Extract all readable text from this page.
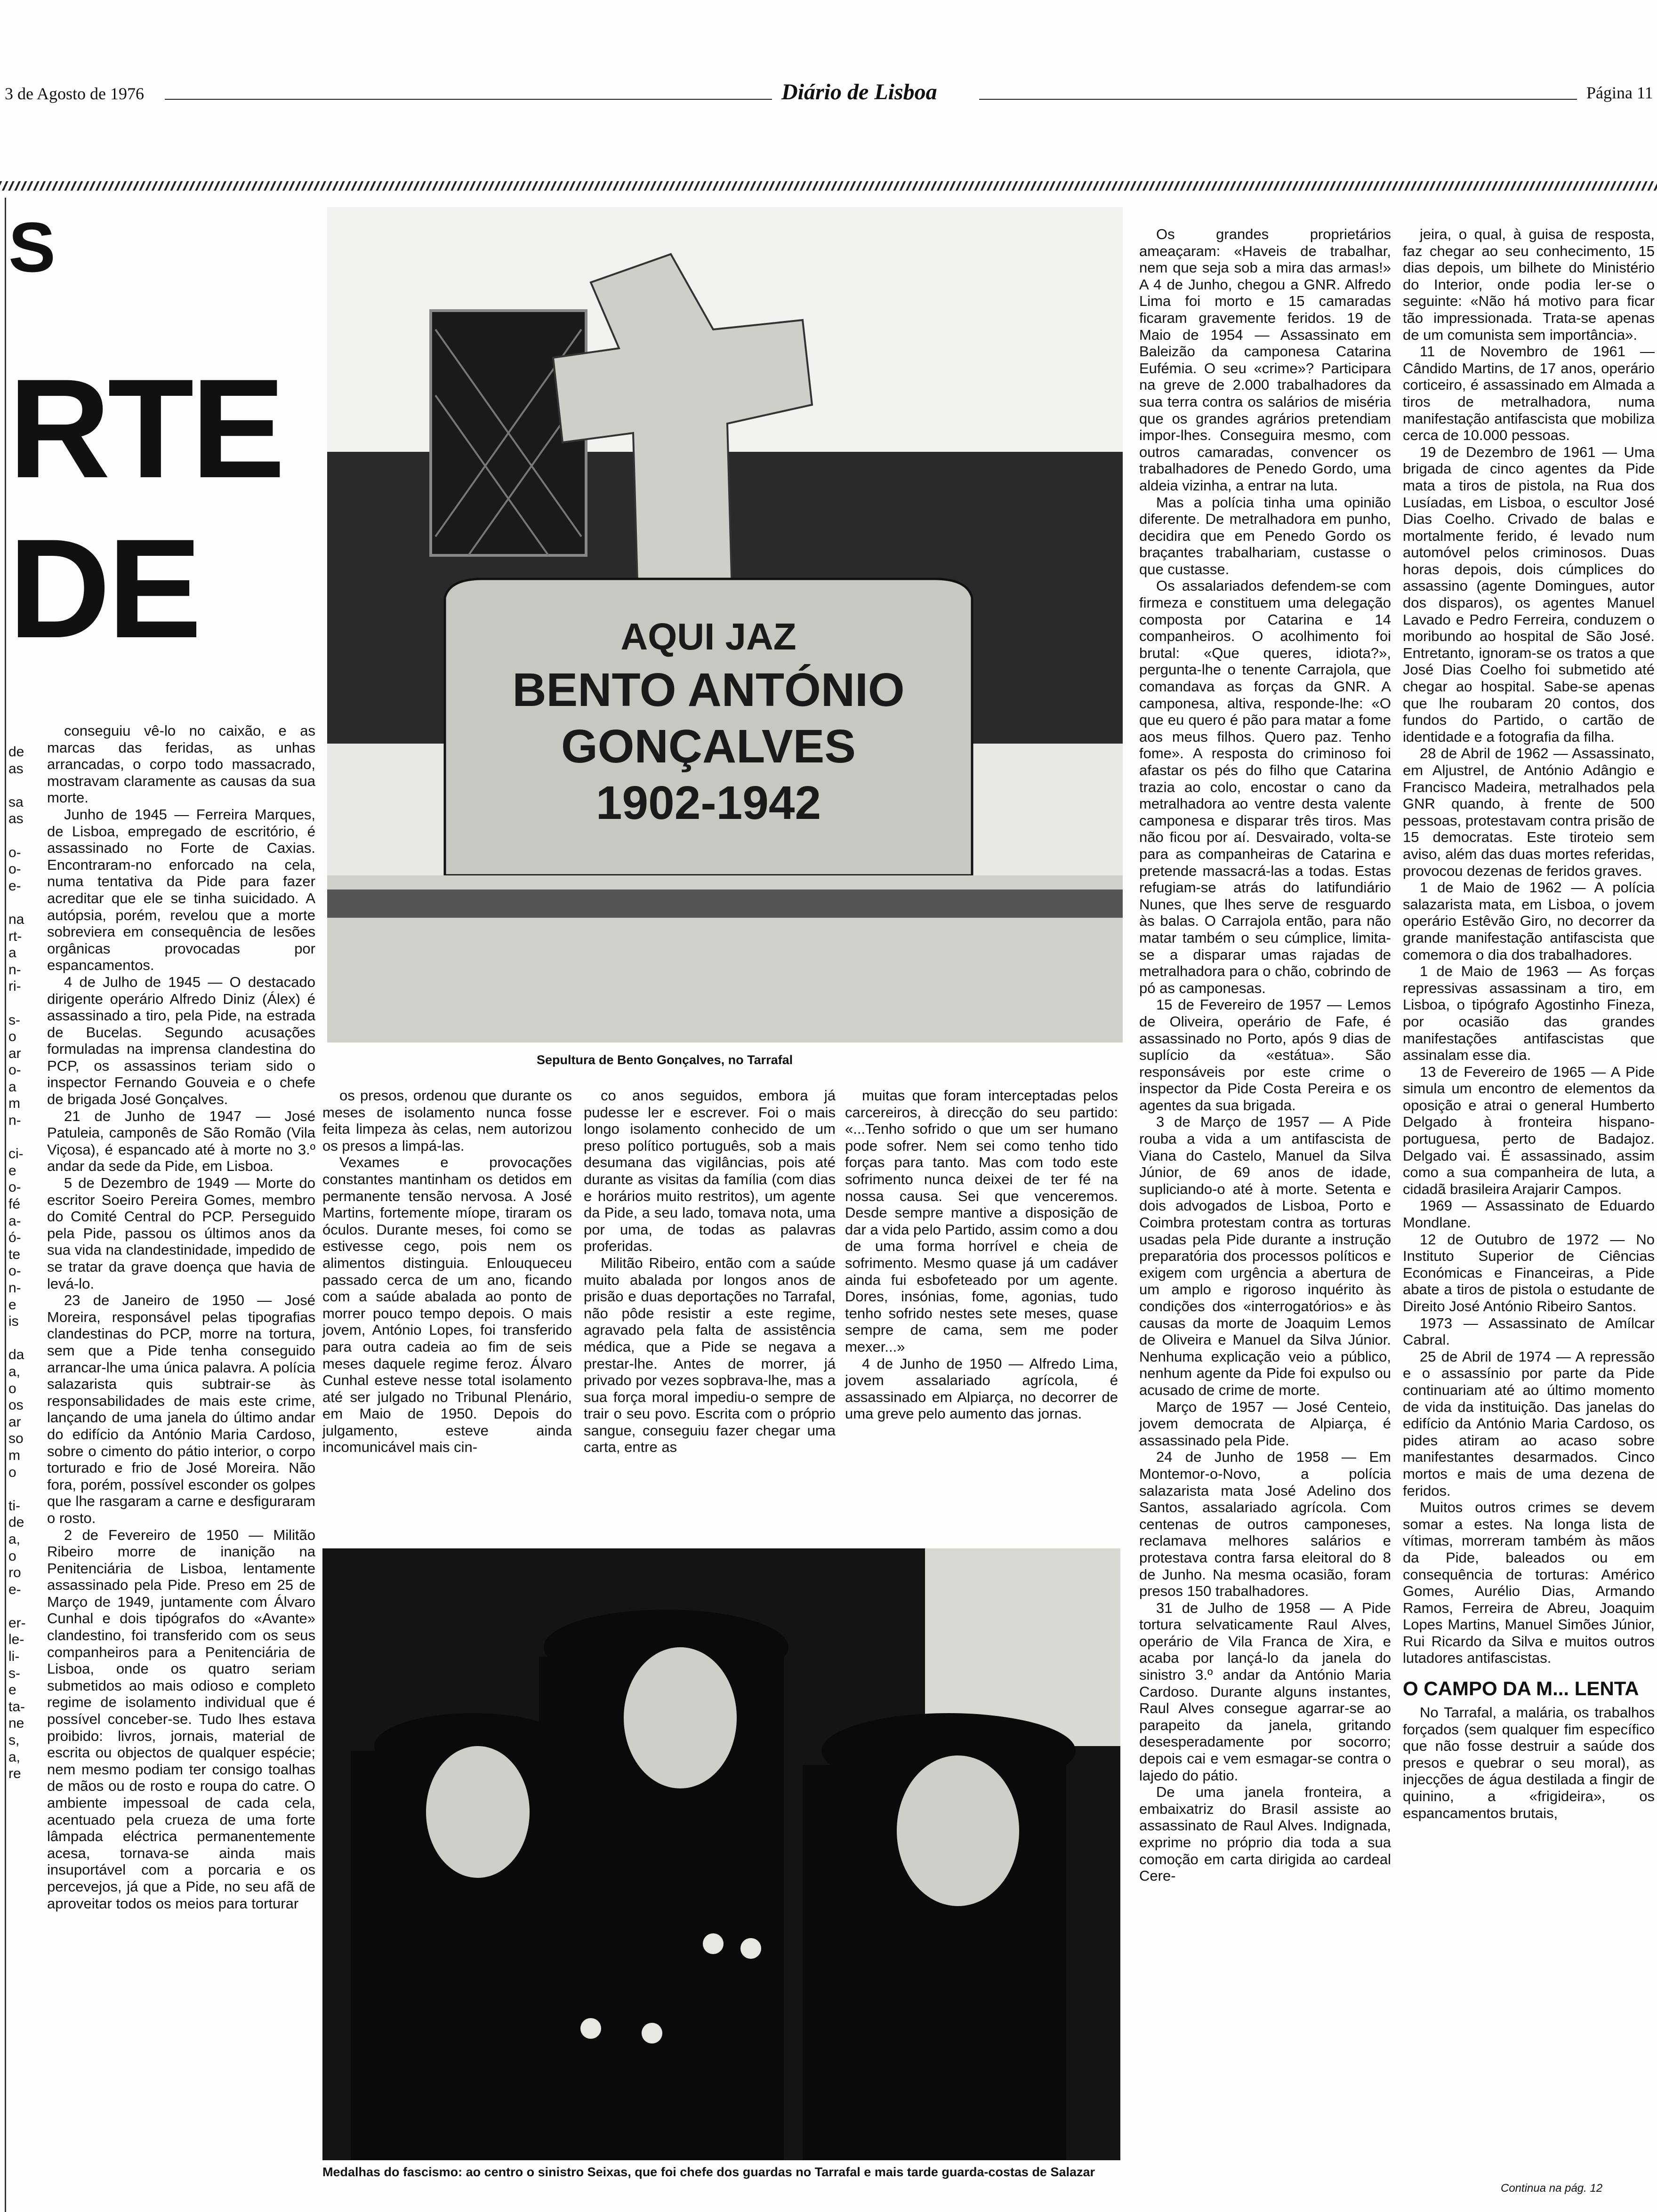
3 de Agosto de 1976	Diário de Lisboa	Página 11
S
RTE
DE
de
as
sa
as
o-
o-
e-
na
rt-
a
n-
ri-
s-
o
ar
o-
a
m
n-
ci-
e
o-
fé
a-
ó-
te
o-
n-
e
is
da
a,
o
os
ar
so
m
o
ti-
de
a,
o
ro
e-
er-
le-
li-
s-
e
ta-
ne
s,
a,
re

conseguiu vê-lo no caixão, e as marcas das feridas, as unhas arrancadas, o corpo todo massacrado, mostravam claramente as causas da sua morte.

Junho de 1945 — Ferreira Marques, de Lisboa, empregado de escritório, é assassinado no Forte de Caxias. Encontraram-no enforcado na cela, numa tentativa da Pide para fazer acreditar que ele se tinha suicidado. A autópsia, porém, revelou que a morte sobreviera em consequência de lesões orgânicas provocadas por espancamentos.

4 de Julho de 1945 — O destacado dirigente operário Alfredo Diniz (Álex) é assassinado a tiro, pela Pide, na estrada de Bucelas. Segundo acusações formuladas na imprensa clandestina do PCP, os assassinos teriam sido o inspector Fernando Gouveia e o chefe de brigada José Gonçalves.

21 de Junho de 1947 — José Patuleia, camponês de São Romão (Vila Viçosa), é espancado até à morte no 3.º andar da sede da Pide, em Lisboa.

5 de Dezembro de 1949 — Morte do escritor Soeiro Pereira Gomes, membro do Comité Central do PCP. Perseguido pela Pide, passou os últimos anos da sua vida na clandestinidade, impedido de se tratar da grave doença que havia de levá-lo.

23 de Janeiro de 1950 — José Moreira, responsável pelas tipografias clandestinas do PCP, morre na tortura, sem que a Pide tenha conseguido arrancar-lhe uma única palavra. A polícia salazarista quis subtrair-se às responsabilidades de mais este crime, lançando de uma janela do último andar do edifício da António Maria Cardoso, sobre o cimento do pátio interior, o corpo torturado e frio de José Moreira. Não fora, porém, possível esconder os golpes que lhe rasgaram a carne e desfiguraram o rosto.

2 de Fevereiro de 1950 — Militão Ribeiro morre de inanição na Penitenciária de Lisboa, lentamente assassinado pela Pide. Preso em 25 de Março de 1949, juntamente com Álvaro Cunhal e dois tipógrafos do «Avante» clandestino, foi transferido com os seus companheiros para a Penitenciária de Lisboa, onde os quatro seriam submetidos ao mais odioso e completo regime de isolamento individual que é possível conceber-se. Tudo lhes estava proibido: livros, jornais, material de escrita ou objectos de qualquer espécie; nem mesmo podiam ter consigo toalhas de mãos ou de rosto e roupa do catre. O ambiente impessoal de cada cela, acentuado pela crueza de uma forte lâmpada eléctrica permanentemente acesa, tornava-se ainda mais insuportável com a porcaria e os percevejos, já que a Pide, no seu afã de aproveitar todos os meios para torturar

AQUI JAZ
BENTO ANTÓNIO
GONÇALVES
1902-1942
Sepultura de Bento Gonçalves, no Tarrafal

os presos, ordenou que durante os meses de isolamento nunca fosse feita limpeza às celas, nem autorizou os presos a limpá-las.

Vexames e provocações constantes mantinham os detidos em permanente tensão nervosa. A José Martins, fortemente míope, tiraram os óculos. Durante meses, foi como se estivesse cego, pois nem os alimentos distinguia. Enlouqueceu passado cerca de um ano, ficando com a saúde abalada ao ponto de morrer pouco tempo depois. O mais jovem, António Lopes, foi transferido para outra cadeia ao fim de seis meses daquele regime feroz. Álvaro Cunhal esteve nesse total isolamento até ser julgado no Tribunal Plenário, em Maio de 1950. Depois do julgamento, esteve ainda incomunicável mais cin-

co anos seguidos, embora já pudesse ler e escrever. Foi o mais longo isolamento conhecido de um preso político português, sob a mais desumana das vigilâncias, pois até durante as visitas da família (com dias e horários muito restritos), um agente da Pide, a seu lado, tomava nota, uma por uma, de todas as palavras proferidas.

Militão Ribeiro, então com a saúde muito abalada por longos anos de prisão e duas deportações no Tarrafal, não pôde resistir a este regime, agravado pela falta de assistência médica, que a Pide se negava a prestar-lhe. Antes de morrer, já privado por vezes sopbrava-lhe, mas a sua força moral impediu-o sempre de trair o seu povo. Escrita com o próprio sangue, conseguiu fazer chegar uma carta, entre as

muitas que foram interceptadas pelos carcereiros, à direcção do seu partido: «...Tenho sofrido o que um ser humano pode sofrer. Nem sei como tenho tido forças para tanto. Mas com todo este sofrimento nunca deixei de ter fé na nossa causa. Sei que venceremos. Desde sempre mantive a disposição de dar a vida pelo Partido, assim como a dou de uma forma horrível e cheia de sofrimento. Mesmo quase já um cadáver ainda fui esbofeteado por um agente. Dores, insónias, fome, agonias, tudo tenho sofrido nestes sete meses, quase sempre de cama, sem me poder mexer...»

4 de Junho de 1950 — Alfredo Lima, jovem assalariado agrícola, é assassinado em Alpiarça, no decorrer de uma greve pelo aumento das jornas.

Medalhas do fascismo: ao centro o sinistro Seixas, que foi chefe dos guardas no Tarrafal e mais tarde guarda-costas de Salazar

Os grandes proprietários ameaçaram: «Haveis de trabalhar, nem que seja sob a mira das armas!» A 4 de Junho, chegou a GNR. Alfredo Lima foi morto e 15 camaradas ficaram gravemente feridos. 19 de Maio de 1954 — Assassinato em Baleizão da camponesa Catarina Eufémia. O seu «crime»? Participara na greve de 2.000 trabalhadores da sua terra contra os salários de miséria que os grandes agrários pretendiam impor-lhes. Conseguira mesmo, com outros camaradas, convencer os trabalhadores de Penedo Gordo, uma aldeia vizinha, a entrar na luta.

Mas a polícia tinha uma opinião diferente. De metralhadora em punho, decidira que em Penedo Gordo os braçantes trabalhariam, custasse o que custasse.

Os assalariados defendem-se com firmeza e constituem uma delegação composta por Catarina e 14 companheiros. O acolhimento foi brutal: «Que queres, idiota?», pergunta-lhe o tenente Carrajola, que comandava as forças da GNR. A camponesa, altiva, responde-lhe: «O que eu quero é pão para matar a fome aos meus filhos. Quero paz. Tenho fome». A resposta do criminoso foi afastar os pés do filho que Catarina trazia ao colo, encostar o cano da metralhadora ao ventre desta valente camponesa e disparar três tiros. Mas não ficou por aí. Desvairado, volta-se para as companheiras de Catarina e pretende massacrá-las a todas. Estas refugiam-se atrás do latifundiário Nunes, que lhes serve de resguardo às balas. O Carrajola então, para não matar também o seu cúmplice, limita-se a disparar umas rajadas de metralhadora para o chão, cobrindo de pó as camponesas.

15 de Fevereiro de 1957 — Lemos de Oliveira, operário de Fafe, é assassinado no Porto, após 9 dias de suplício da «estátua». São responsáveis por este crime o inspector da Pide Costa Pereira e os agentes da sua brigada.

3 de Março de 1957 — A Pide rouba a vida a um antifascista de Viana do Castelo, Manuel da Silva Júnior, de 69 anos de idade, supliciando-o até à morte. Setenta e dois advogados de Lisboa, Porto e Coimbra protestam contra as torturas usadas pela Pide durante a instrução preparatória dos processos políticos e exigem com urgência a abertura de um amplo e rigoroso inquérito às condições dos «interrogatórios» e às causas da morte de Joaquim Lemos de Oliveira e Manuel da Silva Júnior. Nenhuma explicação veio a público, nenhum agente da Pide foi expulso ou acusado de crime de morte.

Março de 1957 — José Centeio, jovem democrata de Alpiarça, é assassinado pela Pide.

24 de Junho de 1958 — Em Montemor-o-Novo, a polícia salazarista mata José Adelino dos Santos, assalariado agrícola. Com centenas de outros camponeses, reclamava melhores salários e protestava contra farsa eleitoral do 8 de Junho. Na mesma ocasião, foram presos 150 trabalhadores.

31 de Julho de 1958 — A Pide tortura selvaticamente Raul Alves, operário de Vila Franca de Xira, e acaba por lançá-lo da janela do sinistro 3.º andar da António Maria Cardoso. Durante alguns instantes, Raul Alves consegue agarrar-se ao parapeito da janela, gritando desesperadamente por socorro; depois cai e vem esmagar-se contra o lajedo do pátio.

De uma janela fronteira, a embaixatriz do Brasil assiste ao assassinato de Raul Alves. Indignada, exprime no próprio dia toda a sua comoção em carta dirigida ao cardeal Cere-

jeira, o qual, à guisa de resposta, faz chegar ao seu conhecimento, 15 dias depois, um bilhete do Ministério do Interior, onde podia ler-se o seguinte: «Não há motivo para ficar tão impressionada. Trata-se apenas de um comunista sem importância».

11 de Novembro de 1961 — Cândido Martins, de 17 anos, operário corticeiro, é assassinado em Almada a tiros de metralhadora, numa manifestação antifascista que mobiliza cerca de 10.000 pessoas.

19 de Dezembro de 1961 — Uma brigada de cinco agentes da Pide mata a tiros de pistola, na Rua dos Lusíadas, em Lisboa, o escultor José Dias Coelho. Crivado de balas e mortalmente ferido, é levado num automóvel pelos criminosos. Duas horas depois, dois cúmplices do assassino (agente Domingues, autor dos disparos), os agentes Manuel Lavado e Pedro Ferreira, conduzem o moribundo ao hospital de São José. Entretanto, ignoram-se os tratos a que José Dias Coelho foi submetido até chegar ao hospital. Sabe-se apenas que lhe roubaram 20 contos, dos fundos do Partido, o cartão de identidade e a fotografia da filha.

28 de Abril de 1962 — Assassinato, em Aljustrel, de António Adângio e Francisco Madeira, metralhados pela GNR quando, à frente de 500 pessoas, protestavam contra prisão de 15 democratas. Este tiroteio sem aviso, além das duas mortes referidas, provocou dezenas de feridos graves.

1 de Maio de 1962 — A polícia salazarista mata, em Lisboa, o jovem operário Estêvão Giro, no decorrer da grande manifestação antifascista que comemora o dia dos trabalhadores.

1 de Maio de 1963 — As forças repressivas assassinam a tiro, em Lisboa, o tipógrafo Agostinho Fineza, por ocasião das grandes manifestações antifascistas que assinalam esse dia.

13 de Fevereiro de 1965 — A Pide simula um encontro de elementos da oposição e atrai o general Humberto Delgado à fronteira hispano-portuguesa, perto de Badajoz. Delgado vai. É assassinado, assim como a sua companheira de luta, a cidadã brasileira Arajarir Campos.

1969 — Assassinato de Eduardo Mondlane.

12 de Outubro de 1972 — No Instituto Superior de Ciências Económicas e Financeiras, a Pide abate a tiros de pistola o estudante de Direito José António Ribeiro Santos.

1973 — Assassinato de Amílcar Cabral.

25 de Abril de 1974 — A repressão e o assassínio por parte da Pide continuariam até ao último momento de vida da instituição. Das janelas do edifício da António Maria Cardoso, os pides atiram ao acaso sobre manifestantes desarmados. Cinco mortos e mais de uma dezena de feridos.

Muitos outros crimes se devem somar a estes. Na longa lista de vítimas, morreram também às mãos da Pide, baleados ou em consequência de torturas: Américo Gomes, Aurélio Dias, Armando Ramos, Ferreira de Abreu, Joaquim Lopes Martins, Manuel Simões Júnior, Rui Ricardo da Silva e muitos outros lutadores antifascistas.

O CAMPO DA M... LENTA

No Tarrafal, a malária, os trabalhos forçados (sem qualquer fim específico que não fosse destruir a saúde dos presos e quebrar o seu moral), as injecções de água destilada a fingir de quinino, a «frigideira», os espancamentos brutais,

Continua na pág. 12
